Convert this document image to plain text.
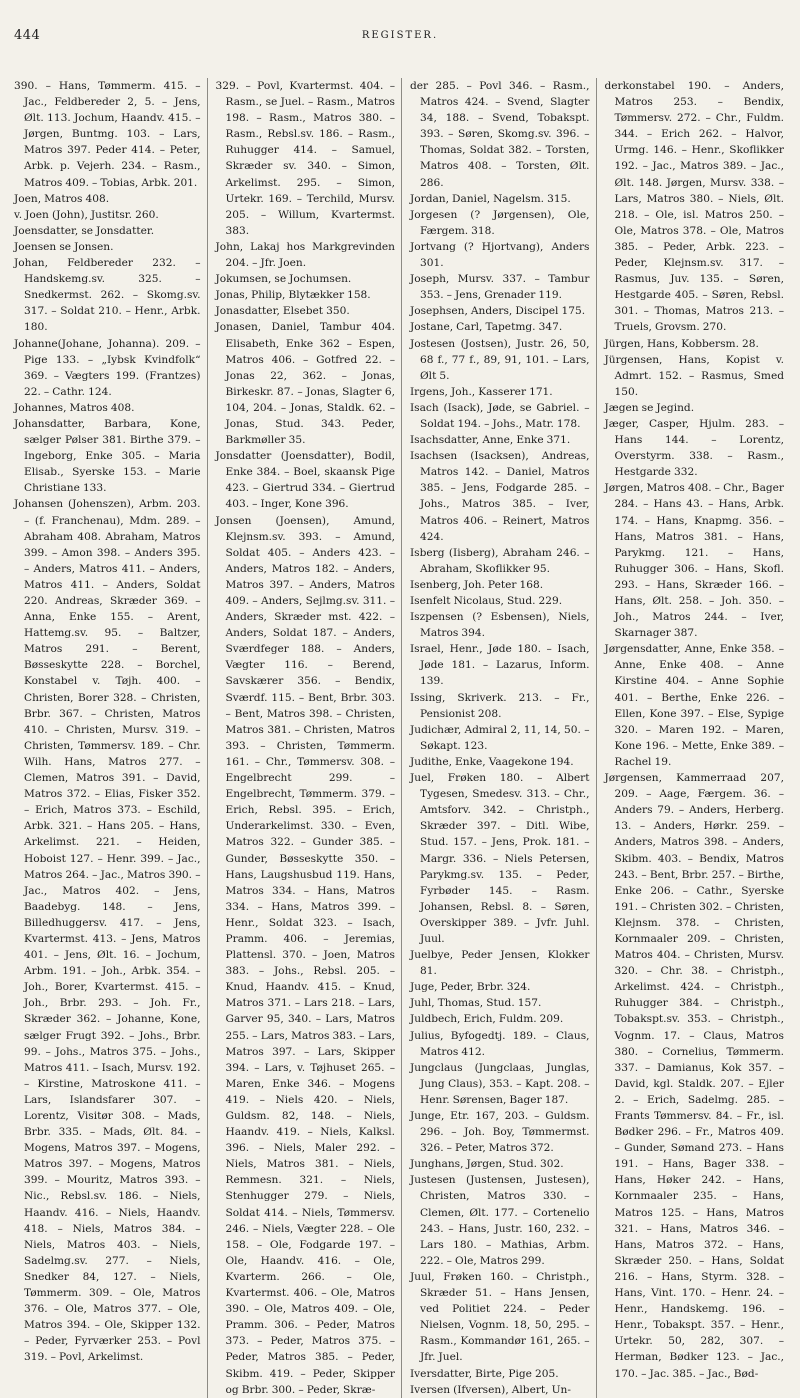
444	REGISTER.
390. – Hans, Tømmerm. 415. – Jac., Feldbereder 2, 5. – Jens, Ølt. 113. Jochum, Haandv. 415. – Jørgen, Buntmg. 103. – Lars, Matros 397. Peder 414. – Peter, Arbk. p. Vejerh. 234. – Rasm., Matros 409. – Tobias, Arbk. 201.
Joen, Matros 408.
v. Joen (John), Justitsr. 260.
Joensdatter, se Jonsdatter.
Joensen se Jonsen.
Johan, Feldbereder 232. – Handskemg.sv. 325. – Snedkermst. 262. – Skomg.sv. 317. – Soldat 210. – Henr., Arbk. 180.
Johanne(Johane, Johanna). 209. – Pige 133. – „Iybsk Kvindfolk“ 369. – Vægters 199. (Frantzes) 22. – Cathr. 124.
Johannes, Matros 408.
Johansdatter, Barbara, Kone, sælger Pølser 381. Birthe 379. – Ingeborg, Enke 305. – Maria Elisab., Syerske 153. – Marie Christiane 133.
Johansen (Johenszen), Arbm. 203. – (f. Franchenau), Mdm. 289. – Abraham 408. Abraham, Matros 399. – Amon 398. – Anders 395. – Anders, Matros 411. – Anders, Matros 411. – Anders, Soldat 220. Andreas, Skræder 369. – Anna, Enke 155. – Arent, Hattemg.sv. 95. – Baltzer, Matros 291. – Berent, Bøsseskytte 228. – Borchel, Konstabel v. Tøjh. 400. – Christen, Borer 328. – Christen, Brbr. 367. – Christen, Matros 410. – Christen, Mursv. 319. – Christen, Tømmersv. 189. – Chr. Wilh. Hans, Matros 277. – Clemen, Matros 391. – David, Matros 372. – Elias, Fisker 352. – Erich, Matros 373. – Eschild, Arbk. 321. – Hans 205. – Hans, Arkelimst. 221. – Heiden, Hoboist 127. – Henr. 399. – Jac., Matros 264. – Jac., Matros 390. – Jac., Matros 402. – Jens, Baadebyg. 148. – Jens, Billedhuggersv. 417. – Jens, Kvartermst. 413. – Jens, Matros 401. – Jens, Ølt. 16. – Jochum, Arbm. 191. – Joh., Arbk. 354. – Joh., Borer, Kvartermst. 415. – Joh., Brbr. 293. – Joh. Fr., Skræder 362. – Johanne, Kone, sælger Frugt 392. – Johs., Brbr. 99. – Johs., Matros 375. – Johs., Matros 411. – Isach, Mursv. 192. – Kirstine, Matroskone 411. – Lars, Islandsfarer 307. – Lorentz, Visitør 308. – Mads, Brbr. 335. – Mads, Ølt. 84. – Mogens, Matros 397. – Mogens, Matros 397. – Mogens, Matros 399. – Mouritz, Matros 393. – Nic., Rebsl.sv. 186. – Niels, Haandv. 416. – Niels, Haandv. 418. – Niels, Matros 384. – Niels, Matros 403. – Niels, Sadelmg.sv. 277. – Niels, Snedker 84, 127. – Niels, Tømmerm. 309. – Ole, Matros 376. – Ole, Matros 377. – Ole, Matros 394. – Ole, Skipper 132. – Peder, Fyrværker 253. – Povl 319. – Povl, Arkelimst.
329. – Povl, Kvartermst. 404. – Rasm., se Juel. – Rasm., Matros 198. – Rasm., Matros 380. – Rasm., Rebsl.sv. 186. – Rasm., Ruhugger 414. – Samuel, Skræder sv. 340. – Simon, Arkelimst. 295. – Simon, Urtekr. 169. – Terchild, Mursv. 205. – Willum, Kvartermst. 383.
John, Lakaj hos Markgrevinden 204. – Jfr. Joen.
Jokumsen, se Jochumsen.
Jonas, Philip, Blytækker 158.
Jonasdatter, Elsebet 350.
Jonasen, Daniel, Tambur 404. Elisabeth, Enke 362 – Espen, Matros 406. – Gotfred 22. – Jonas 22, 362. – Jonas, Birkeskr. 87. – Jonas, Slagter 6, 104, 204. – Jonas, Staldk. 62. – Jonas, Stud. 343. Peder, Barkmøller 35.
Jonsdatter (Joensdatter), Bodil, Enke 384. – Boel, skaansk Pige 423. – Giertrud 334. – Giertrud 403. – Inger, Kone 396.
Jonsen (Joensen), Amund, Klejnsm.sv. 393. – Amund, Soldat 405. – Anders 423. – Anders, Matros 182. – Anders, Matros 397. – Anders, Matros 409. – Anders, Sejlmg.sv. 311. – Anders, Skræder mst. 422. – Anders, Soldat 187. – Anders, Sværdfeger 188. – Anders, Vægter 116. – Berend, Savskærer 356. – Bendix, Sværdf. 115. – Bent, Brbr. 303. – Bent, Matros 398. – Christen, Matros 381. – Christen, Matros 393. – Christen, Tømmerm. 161. – Chr., Tømmersv. 308. – Engelbrecht 299. – Engelbrecht, Tømmerm. 379. – Erich, Rebsl. 395. – Erich, Underarkelimst. 330. – Even, Matros 322. – Gunder 385. – Gunder, Bøsseskytte 350. – Hans, Laugshusbud 119. Hans, Matros 334. – Hans, Matros 334. – Hans, Matros 399. – Henr., Soldat 323. – Isach, Pramm. 406. – Jeremias, Plattensl. 370. – Joen, Matros 383. – Johs., Rebsl. 205. – Knud, Haandv. 415. – Knud, Matros 371. – Lars 218. – Lars, Garver 95, 340. – Lars, Matros 255. – Lars, Matros 383. – Lars, Matros 397. – Lars, Skipper 394. – Lars, v. Tøjhuset 265. – Maren, Enke 346. – Mogens 419. – Niels 420. – Niels, Guldsm. 82, 148. – Niels, Haandv. 419. – Niels, Kalksl. 396. – Niels, Maler 292. – Niels, Matros 381. – Niels, Remmesn. 321. – Niels, Stenhugger 279. – Niels, Soldat 414. – Niels, Tømmersv. 246. – Niels, Vægter 228. – Ole 158. – Ole, Fodgarde 197. – Ole, Haandv. 416. – Ole, Kvarterm. 266. – Ole, Kvartermst. 406. – Ole, Matros 390. – Ole, Matros 409. – Ole, Pramm. 306. – Peder, Matros 373. – Peder, Matros 375. – Peder, Matros 385. – Peder, Skibm. 419. – Peder, Skipper og Brbr. 300. – Peder, Skræ-
der 285. – Povl 346. – Rasm., Matros 424. – Svend, Slagter 34, 188. – Svend, Tobakspt. 393. – Søren, Skomg.sv. 396. – Thomas, Soldat 382. – Torsten, Matros 408. – Torsten, Ølt. 286.
Jordan, Daniel, Nagelsm. 315.
Jorgesen (? Jørgensen), Ole, Færgem. 318.
Jortvang (? Hjortvang), Anders 301.
Joseph, Mursv. 337. – Tambur 353. – Jens, Grenader 119.
Josephsen, Anders, Discipel 175.
Jostane, Carl, Tapetmg. 347.
Jostesen (Jostsen), Justr. 26, 50, 68 f., 77 f., 89, 91, 101. – Lars, Ølt 5.
Irgens, Joh., Kasserer 171.
Isach (Isack), Jøde, se Gabriel. – Soldat 194. – Johs., Matr. 178.
Isachsdatter, Anne, Enke 371.
Isachsen (Isacksen), Andreas, Matros 142. – Daniel, Matros 385. – Jens, Fodgarde 285. – Johs., Matros 385. – Iver, Matros 406. – Reinert, Matros 424.
Isberg (Iisberg), Abraham 246. – Abraham, Skoflikker 95.
Isenberg, Joh. Peter 168.
Isenfelt Nicolaus, Stud. 229.
Iszpensen (? Esbensen), Niels, Matros 394.
Israel, Henr., Jøde 180. – Isach, Jøde 181. – Lazarus, Inform. 139.
Issing, Skriverk. 213. – Fr., Pensionist 208.
Judichær, Admiral 2, 11, 14, 50. – Søkapt. 123.
Judithe, Enke, Vaagekone 194.
Juel, Frøken 180. – Albert Tygesen, Smedesv. 313. – Chr., Amtsforv. 342. – Christph., Skræder 397. – Ditl. Wibe, Stud. 157. – Jens, Prok. 181. – Margr. 336. – Niels Petersen, Parykmg.sv. 135. – Peder, Fyrbøder 145. – Rasm. Johansen, Rebsl. 8. – Søren, Overskipper 389. – Jvfr. Juhl. Juul.
Juelbye, Peder Jensen, Klokker 81.
Juge, Peder, Brbr. 324.
Juhl, Thomas, Stud. 157.
Juldbech, Erich, Fuldm. 209.
Julius, Byfogedtj. 189. – Claus, Matros 412.
Jungclaus (Jungclaas, Junglas, Jung Claus), 353. – Kapt. 208. – Henr. Sørensen, Bager 187.
Junge, Etr. 167, 203. – Guldsm. 296. – Joh. Boy, Tømmermst. 326. – Peter, Matros 372.
Junghans, Jørgen, Stud. 302.
Justesen (Justensen, Justesen), Christen, Matros 330. – Clemen, Ølt. 177. – Cortenelio 243. – Hans, Justr. 160, 232. – Lars 180. – Mathias, Arbm. 222. – Ole, Matros 299.
Juul, Frøken 160. – Christph., Skræder 51. – Hans Jensen, ved Politiet 224. – Peder Nielsen, Vognm. 18, 50, 295. – Rasm., Kommandør 161, 265. – Jfr. Juel.
Iversdatter, Birte, Pige 205.
Iversen (Ifversen), Albert, Un-
derkonstabel 190. – Anders, Matros 253. – Bendix, Tømmersv. 272. – Chr., Fuldm. 344. – Erich 262. – Halvor, Urmg. 146. – Henr., Skoflikker 192. – Jac., Matros 389. – Jac., Ølt. 148. Jørgen, Mursv. 338. – Lars, Matros 380. – Niels, Ølt. 218. – Ole, isl. Matros 250. – Ole, Matros 378. – Ole, Matros 385. – Peder, Arbk. 223. – Peder, Klejnsm.sv. 317. – Rasmus, Juv. 135. – Søren, Hestgarde 405. – Søren, Rebsl. 301. – Thomas, Matros 213. – Truels, Grovsm. 270.
Jürgen, Hans, Kobbersm. 28.
Jürgensen, Hans, Kopist v. Admrt. 152. – Rasmus, Smed 150.
Jægen se Jegind.
Jæger, Casper, Hjulm. 283. – Hans 144. – Lorentz, Overstyrm. 338. – Rasm., Hestgarde 332.
Jørgen, Matros 408. – Chr., Bager 284. – Hans 43. – Hans, Arbk. 174. – Hans, Knapmg. 356. – Hans, Matros 381. – Hans, Parykmg. 121. – Hans, Ruhugger 306. – Hans, Skofl. 293. – Hans, Skræder 166. – Hans, Ølt. 258. – Joh. 350. – Joh., Matros 244. – Iver, Skarnager 387.
Jørgensdatter, Anne, Enke 358. – Anne, Enke 408. – Anne Kirstine 404. – Anne Sophie 401. – Berthe, Enke 226. – Ellen, Kone 397. – Else, Sypige 320. – Maren 192. – Maren, Kone 196. – Mette, Enke 389. – Rachel 19.
Jørgensen, Kammerraad 207, 209. – Aage, Færgem. 36. – Anders 79. – Anders, Herberg. 13. – Anders, Hørkr. 259. – Anders, Matros 398. – Anders, Skibm. 403. – Bendix, Matros 243. – Bent, Brbr. 257. – Birthe, Enke 206. – Cathr., Syerske 191. – Christen 302. – Christen, Klejnsm. 378. – Christen, Kornmaaler 209. – Christen, Matros 404. – Christen, Mursv. 320. – Chr. 38. – Christph., Arkelimst. 424. – Christph., Ruhugger 384. – Christph., Tobakspt.sv. 353. – Christph., Vognm. 17. – Claus, Matros 380. – Cornelius, Tømmerm. 337. – Damianus, Kok 357. – David, kgl. Staldk. 207. – Ejler 2. – Erich, Sadelmg. 285. – Frants Tømmersv. 84. – Fr., isl. Bødker 296. – Fr., Matros 409. – Gunder, Sømand 273. – Hans 191. – Hans, Bager 338. – Hans, Høker 242. – Hans, Kornmaaler 235. – Hans, Matros 125. – Hans, Matros 321. – Hans, Matros 346. – Hans, Matros 372. – Hans, Skræder 250. – Hans, Soldat 216. – Hans, Styrm. 328. – Hans, Vint. 170. – Henr. 24. – Henr., Handskemg. 196. – Henr., Tobakspt. 357. – Henr., Urtekr. 50, 282, 307. – Herman, Bødker 123. – Jac., 170. – Jac. 385. – Jac., Bød-
